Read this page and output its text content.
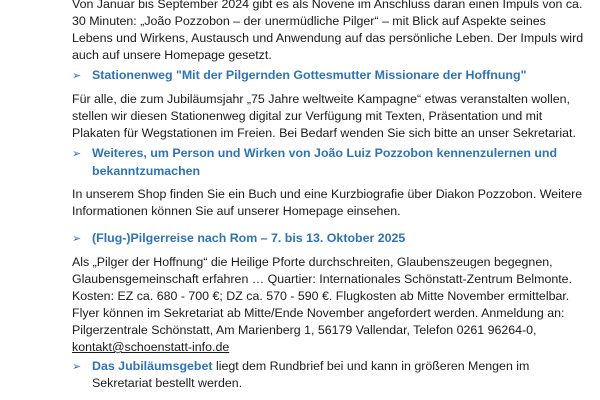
Von Januar bis September 2024 gibt es als Novene im Anschluss daran einen Impuls von ca.
30 Minuten: „João Pozzobon – der unermüdliche Pilger“ – mit Blick auf Aspekte seines
Lebens und Wirkens, Austausch und Anwendung auf das persönliche Leben. Der Impuls wird
auch auf unsere Homepage gesetzt.
➢ Stationenweg "Mit der Pilgernden Gottesmutter Missionare der Hoffnung"
Für alle, die zum Jubiläumsjahr „75 Jahre weltweite Kampagne“ etwas veranstalten wollen,
stellen wir diesen Stationenweg digital zur Verfügung mit Texten, Präsentation und mit
Plakaten für Wegstationen im Freien. Bei Bedarf wenden Sie sich bitte an unser Sekretariat.
➢ Weiteres, um Person und Wirken von João Luiz Pozzobon kennenzulernen und
bekanntzumachen
In unserem Shop finden Sie ein Buch und eine Kurzbiografie über Diakon Pozzobon. Weitere
Informationen können Sie auf unserer Homepage einsehen.
➢ (Flug-)Pilgerreise nach Rom – 7. bis 13. Oktober 2025
Als „Pilger der Hoffnung“ die Heilige Pforte durchschreiten, Glaubenszeugen begegnen,
Glaubensgemeinschaft erfahren … Quartier: Internationales Schönstatt-Zentrum Belmonte.
Kosten: EZ ca. 680 - 700 €; DZ ca. 570 - 590 €. Flugkosten ab Mitte November ermittelbar.
Flyer können im Sekretariat ab Mitte/Ende November angefordert werden. Anmeldung an:
Pilgerzentrale Schönstatt, Am Marienberg 1, 56179 Vallendar, Telefon 0261 96264-0,
kontakt@schoenstatt-info.de
➢ Das Jubiläumsgebet liegt dem Rundbrief bei und kann in größeren Mengen im
Sekretariat bestellt werden.
